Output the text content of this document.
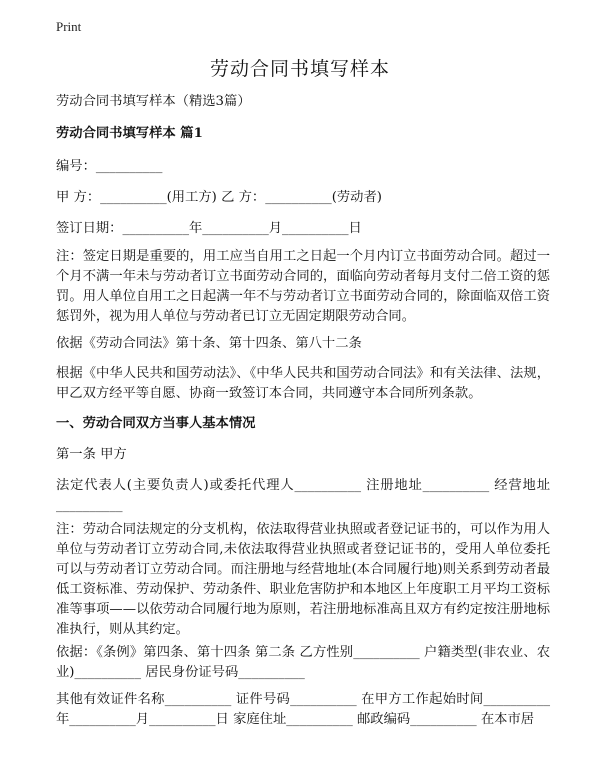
Print
劳动合同书填写样本
劳动合同书填写样本（精选3篇）
劳动合同书填写样本 篇1
编号：__________
甲 方：__________(用工方) 乙 方：__________(劳动者)
签订日期：__________年__________月__________日
注：签定日期是重要的，用工应当自用工之日起一个月内订立书面劳动合同。超过一个月不满一年未与劳动者订立书面劳动合同的，面临向劳动者每月支付二倍工资的惩罚。用人单位自用工之日起满一年不与劳动者订立书面劳动合同的，除面临双倍工资惩罚外，视为用人单位与劳动者已订立无固定期限劳动合同。
依据《劳动合同法》第十条、第十四条、第八十二条
根据《中华人民共和国劳动法》、《中华人民共和国劳动合同法》和有关法律、法规，甲乙双方经平等自愿、协商一致签订本合同，共同遵守本合同所列条款。
一、劳动合同双方当事人基本情况
第一条 甲方
法定代表人(主要负责人)或委托代理人__________ 注册地址__________ 经营地址__________
注：劳动合同法规定的分支机构，依法取得营业执照或者登记证书的，可以作为用人单位与劳动者订立劳动合同,未依法取得营业执照或者登记证书的，受用人单位委托可以与劳动者订立劳动合同。而注册地与经营地址(本合同履行地)则关系到劳动者最低工资标准、劳动保护、劳动条件、职业危害防护和本地区上年度职工月平均工资标准等事项——以依劳动合同履行地为原则，若注册地标准高且双方有约定按注册地标准执行，则从其约定。
依据：《条例》第四条、第十四条 第二条 乙方性别__________ 户籍类型(非农业、农业)__________ 居民身份证号码__________
其他有效证件名称__________ 证件号码__________ 在甲方工作起始时间__________年__________月__________日 家庭住址__________ 邮政编码__________ 在本市居
